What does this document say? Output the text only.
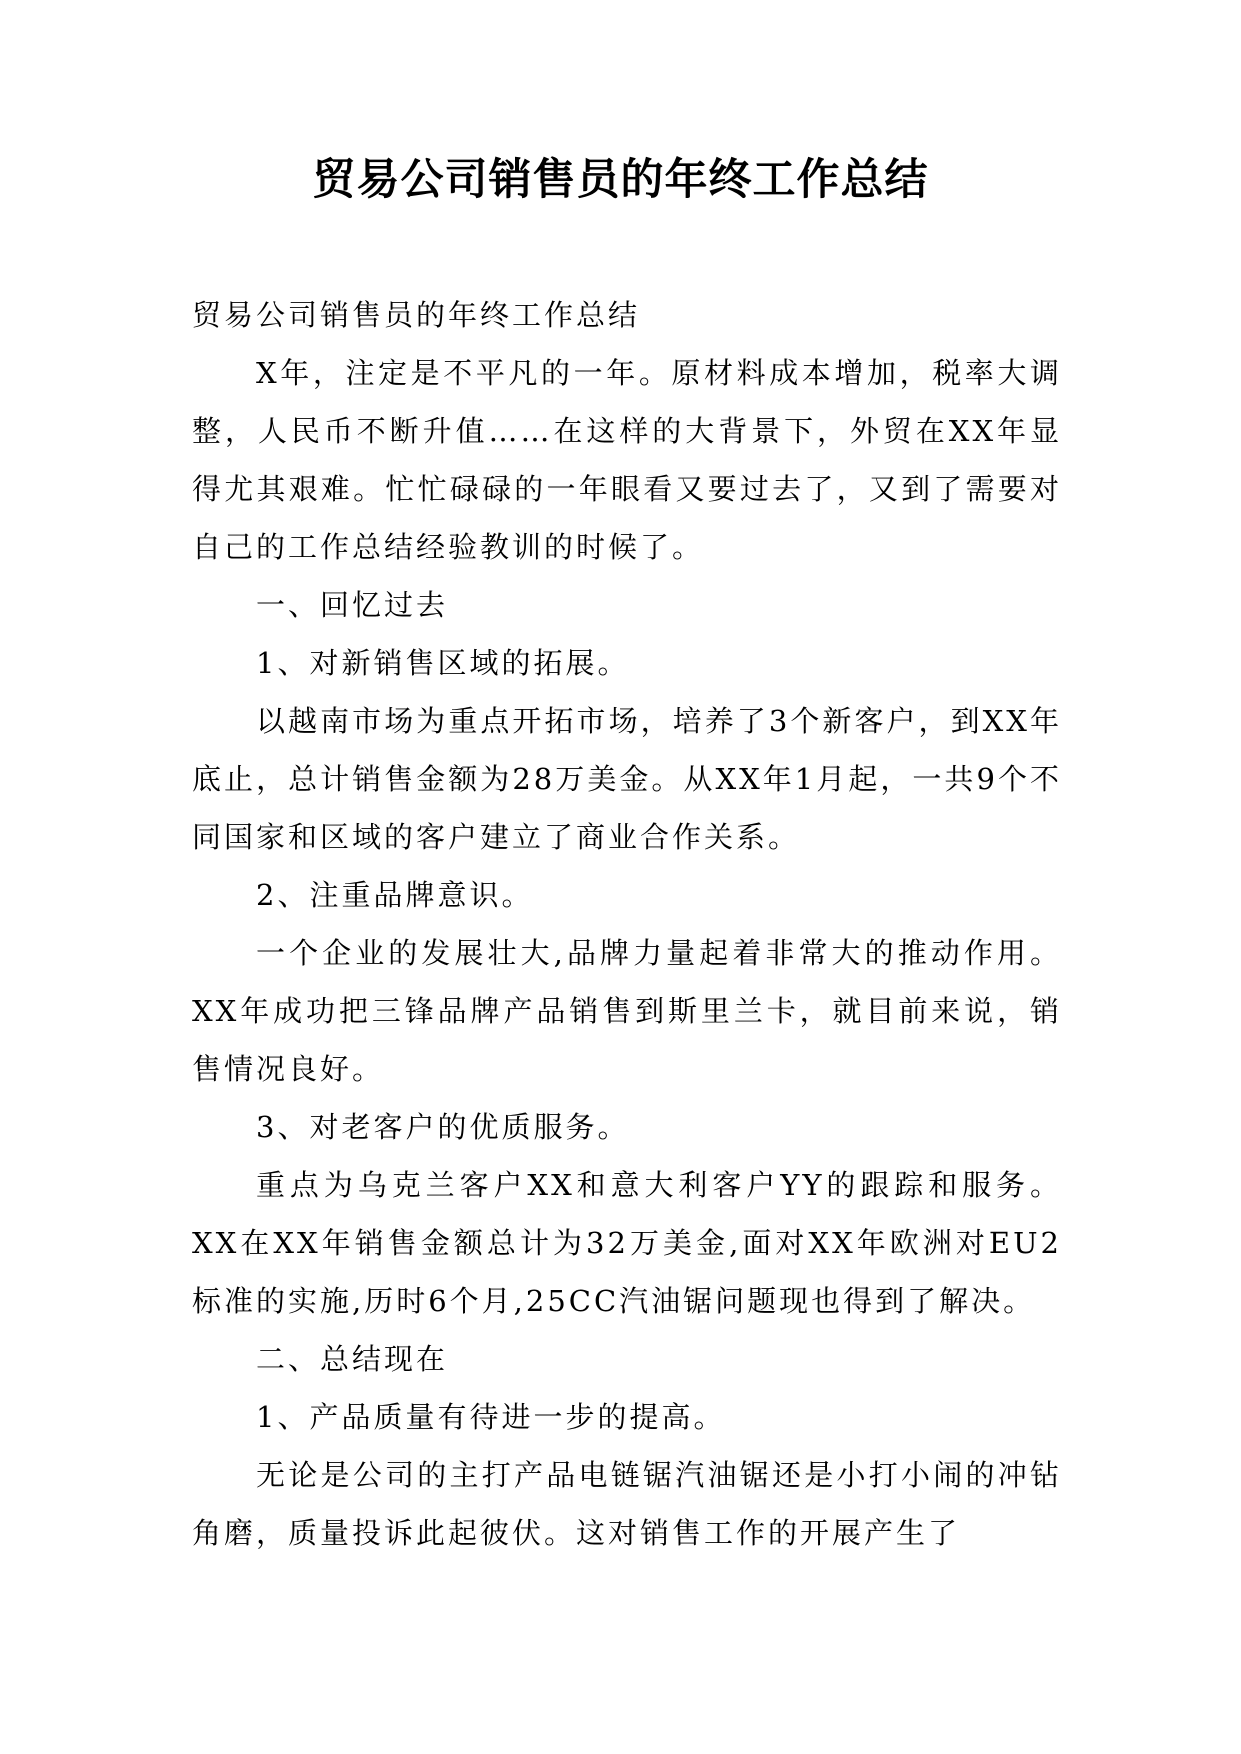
贸易公司销售员的年终工作总结

贸易公司销售员的年终工作总结

X年，注定是不平凡的一年。原材料成本增加，税率大调整，人民币不断升值……在这样的大背景下，外贸在XX年显得尤其艰难。忙忙碌碌的一年眼看又要过去了，又到了需要对自己的工作总结经验教训的时候了。

一、回忆过去

1、对新销售区域的拓展。

以越南市场为重点开拓市场，培养了3个新客户，到XX年底止，总计销售金额为28万美金。从XX年1月起，一共9个不同国家和区域的客户建立了商业合作关系。

2、注重品牌意识。

一个企业的发展壮大,品牌力量起着非常大的推动作用。XX年成功把三锋品牌产品销售到斯里兰卡，就目前来说，销售情况良好。

3、对老客户的优质服务。

重点为乌克兰客户XX和意大利客户YY的跟踪和服务。XX在XX年销售金额总计为32万美金,面对XX年欧洲对EU2标准的实施,历时6个月,25CC汽油锯问题现也得到了解决。

二、总结现在

1、产品质量有待进一步的提高。

无论是公司的主打产品电链锯汽油锯还是小打小闹的冲钻角磨，质量投诉此起彼伏。这对销售工作的开展产生了
